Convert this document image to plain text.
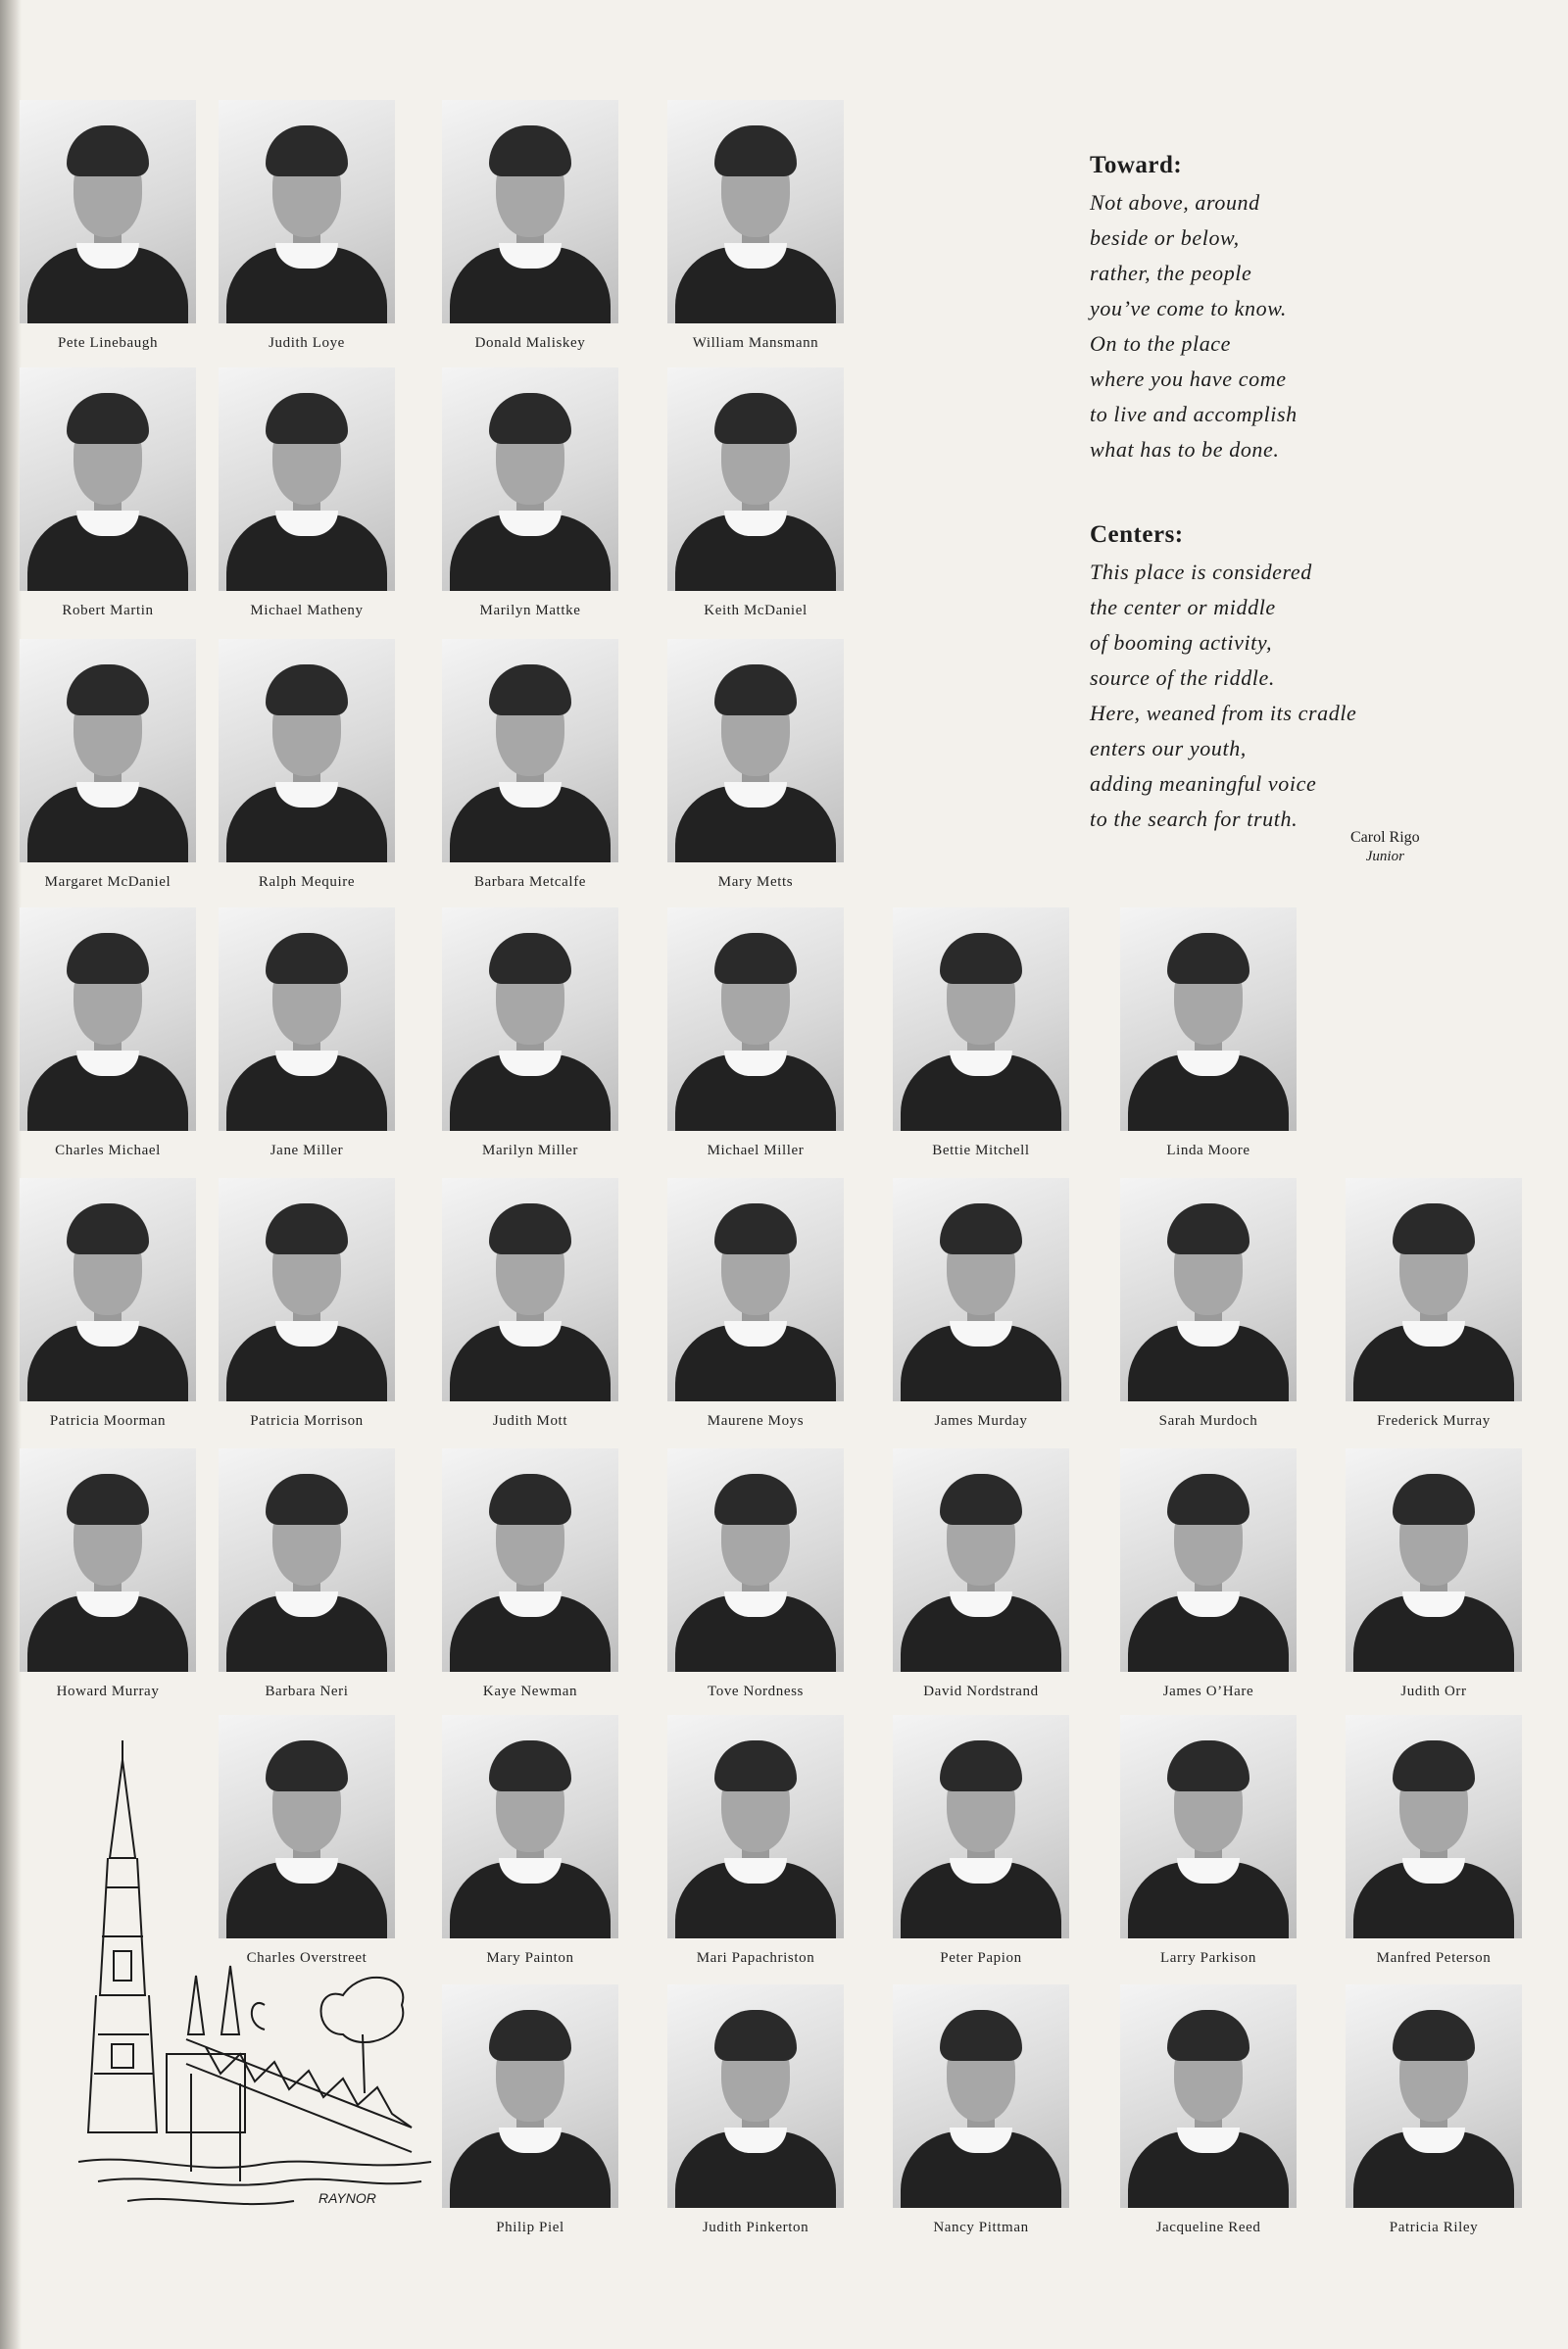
Pete Linebaugh	Judith Loye	Donald Maliskey	William Mansmann
Robert Martin	Michael Matheny	Marilyn Mattke	Keith McDaniel
Margaret McDaniel	Ralph Mequire	Barbara Metcalfe	Mary Metts
Charles Michael	Jane Miller	Marilyn Miller	Michael Miller	Bettie Mitchell	Linda Moore
Patricia Moorman	Patricia Morrison	Judith Mott	Maurene Moys	James Murday	Sarah Murdoch	Frederick Murray
Howard Murray	Barbara Neri	Kaye Newman	Tove Nordness	David Nordstrand	James O’Hare	Judith Orr
Charles Overstreet	Mary Painton	Mari Papachriston	Peter Papion	Larry Parkison	Manfred Peterson
Philip Piel	Judith Pinkerton	Nancy Pittman	Jacqueline Reed	Patricia Riley
Toward:
Not above, around
beside or below,
rather, the people
you’ve come to know.
On to the place
where you have come
to live and accomplish
what has to be done.
Centers:
This place is considered
the center or middle
of booming activity,
source of the riddle.
Here, weaned from its cradle
enters our youth,
adding meaningful voice
to the search for truth.
Carol Rigo
Junior
RAYNOR
